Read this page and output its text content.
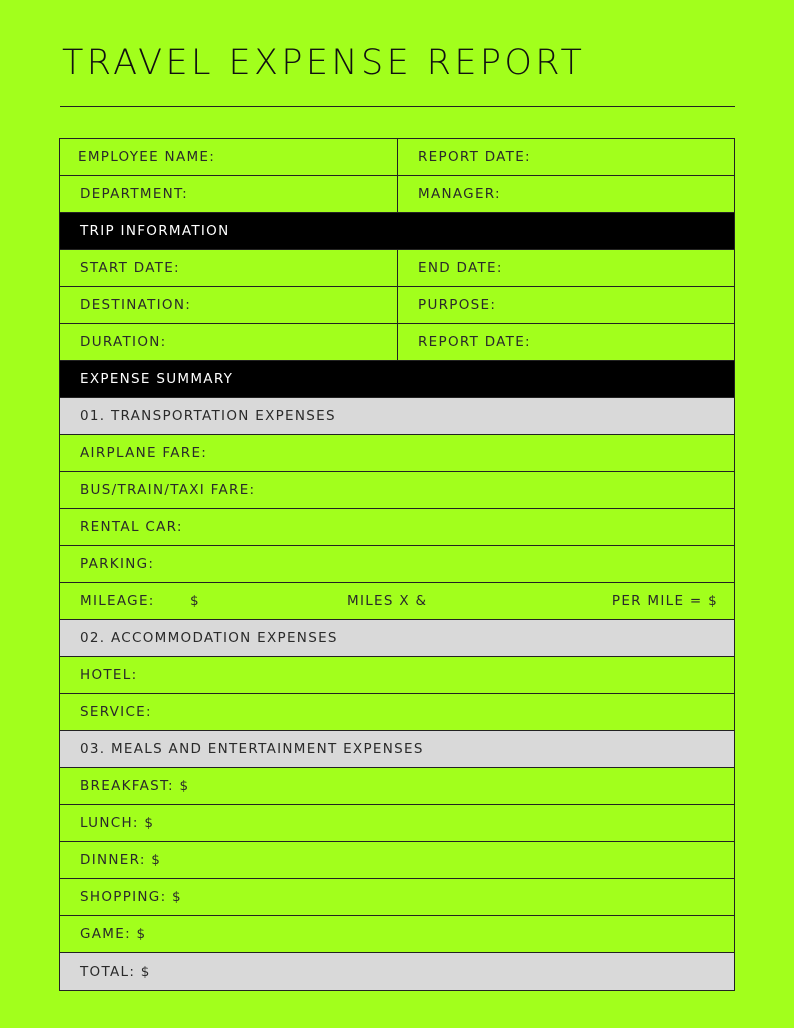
TRAVEL EXPENSE REPORT
EMPLOYEE NAME:	REPORT DATE:
DEPARTMENT:	MANAGER:
TRIP INFORMATION
START DATE:	END DATE:
DESTINATION:	PURPOSE:
DURATION:	REPORT DATE:
EXPENSE SUMMARY
01. TRANSPORTATION EXPENSES
AIRPLANE FARE:
BUS/TRAIN/TAXI FARE:
RENTAL CAR:
PARKING:
MILEAGE:	$	MILES X &	PER MILE = $
02. ACCOMMODATION EXPENSES
HOTEL:
SERVICE:
03. MEALS AND ENTERTAINMENT EXPENSES
BREAKFAST: $
LUNCH: $
DINNER: $
SHOPPING: $
GAME: $
TOTAL: $
